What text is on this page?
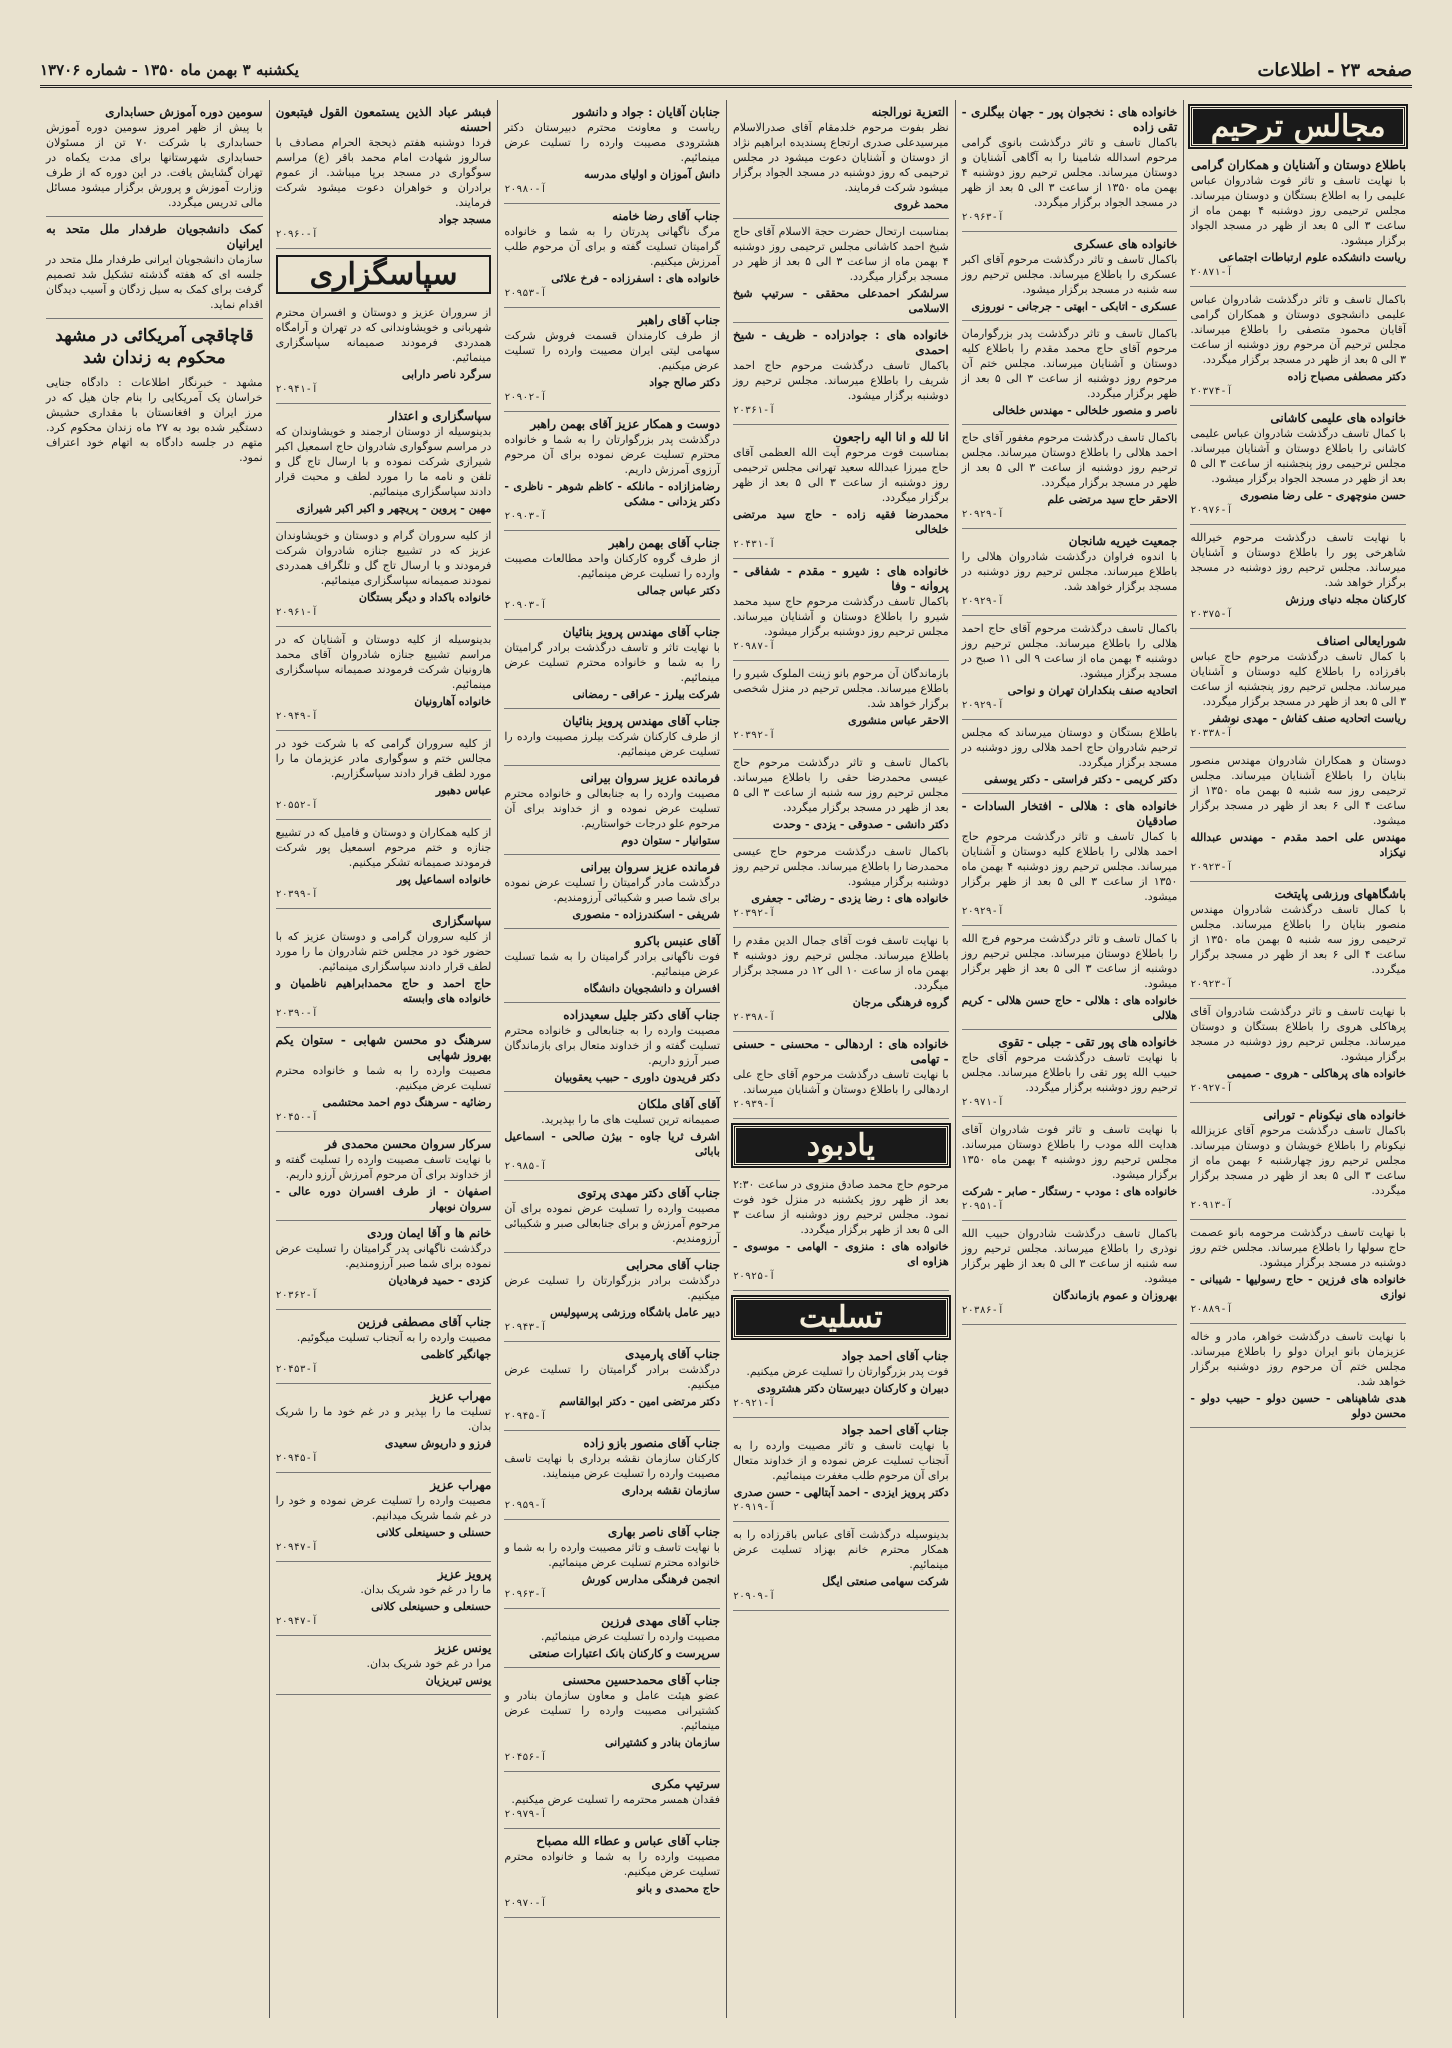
صفحه ۲۳ - اطلاعات
یکشنبه ۳ بهمن ماه ۱۳۵۰ - شماره ۱۳۷۰۶
مجالس ترحیم
باطلاع دوستان و آشنایان و همکاران گرامی
با نهایت تاسف و تاثر فوت شادروان عباس علیمی را به اطلاع بستگان و دوستان میرساند. مجلس ترحیمی روز دوشنبه ۴ بهمن ماه از ساعت ۳ الی ۵ بعد از ظهر در مسجد الجواد برگزار میشود.
ریاست دانشکده علوم ارتباطات اجتماعی
آ-۲۰۸۷۱
باکمال تاسف و تاثر درگذشت شادروان عباس علیمی دانشجوی دوستان و همکاران گرامی آقایان محمود متصفی را باطلاع میرساند. مجلس ترحیم آن مرحوم روز دوشنبه از ساعت ۳ الی ۵ بعد از ظهر در مسجد برگزار میگردد.
دکتر مصطفی مصباح زاده
آ-۲۰۳۷۴
خانواده های علیمی کاشانی
با کمال تاسف درگذشت شادروان عباس علیمی کاشانی را باطلاع دوستان و آشنایان میرساند. مجلس ترحیمی روز پنجشنبه از ساعت ۳ الی ۵ بعد از ظهر در مسجد الجواد برگزار میشود.
حسن منوچهری - علی رضا منصوری
آ-۲۰۹۷۶
با نهایت تاسف درگذشت مرحوم خیرالله شاهرخی پور را باطلاع دوستان و آشنایان میرساند. مجلس ترحیم روز دوشنبه در مسجد برگزار خواهد شد.
کارکنان مجله دنیای ورزش
آ-۲۰۳۷۵
شورایعالی اصناف
با کمال تاسف درگذشت مرحوم حاج عباس بافرزاده را باطلاع کلیه دوستان و آشنایان میرساند. مجلس ترحیم روز پنجشنبه از ساعت ۳ الی ۵ بعد از ظهر در مسجد برگزار میگردد.
ریاست اتحادیه صنف کفاش - مهدی نوشفر
آ-۲۰۳۳۸
دوستان و همکاران شادروان مهندس منصور بنایان را باطلاع آشنایان میرساند. مجلس ترحیمی روز سه شنبه ۵ بهمن ماه ۱۳۵۰ از ساعت ۴ الی ۶ بعد از ظهر در مسجد برگزار میشود.
مهندس علی احمد مقدم - مهندس عبدالله نیکزاد
آ-۲۰۹۲۳
باشگاههای ورزشی پایتخت
با کمال تاسف درگذشت شادروان مهندس منصور بنایان را باطلاع میرساند. مجلس ترحیمی روز سه شنبه ۵ بهمن ماه ۱۳۵۰ از ساعت ۴ الی ۶ بعد از ظهر در مسجد برگزار میگردد.
آ-۲۰۹۲۳
با نهایت تاسف و تاثر درگذشت شادروان آقای پرهاکلی هروی را باطلاع بستگان و دوستان میرساند. مجلس ترحیم روز دوشنبه در مسجد برگزار میشود.
خانواده های پرهاکلی - هروی - صمیمی
آ-۲۰۹۲۷
خانواده های نیکونام - تورانی
باکمال تاسف درگذشت مرحوم آقای عزیزالله نیکونام را باطلاع خویشان و دوستان میرساند. مجلس ترحیم روز چهارشنبه ۶ بهمن ماه از ساعت ۳ الی ۵ بعد از ظهر در مسجد برگزار میگردد.
آ-۲۰۹۱۳
با نهایت تاسف درگذشت مرحومه بانو عصمت حاج سولها را باطلاع میرساند. مجلس ختم روز دوشنبه در مسجد برگزار میشود.
خانواده های فرزین - حاج رسولیها - شیبانی - نوازی
آ-۲۰۸۸۹
با نهایت تاسف درگذشت خواهر، مادر و خاله عزیزمان بانو ایران دولو را باطلاع میرساند. مجلس ختم آن مرحوم روز دوشنبه برگزار خواهد شد.
هدی شاهپناهی - حسین دولو - حبیب دولو - محسن دولو
خانواده های : نخجوان پور - جهان بیگلری - تقی زاده
باکمال تاسف و تاثر درگذشت بانوی گرامی مرحوم اسدالله شامینا را به آگاهی آشنایان و دوستان میرساند. مجلس ترحیم روز دوشنبه ۴ بهمن ماه ۱۳۵۰ از ساعت ۳ الی ۵ بعد از ظهر در مسجد الجواد برگزار میگردد.
آ-۲۰۹۶۳
خانواده های عسکری
باکمال تاسف و تاثر درگذشت مرحوم آقای اکبر عسکری را باطلاع میرساند. مجلس ترحیم روز سه شنبه در مسجد برگزار میشود.
عسکری - اتابکی - ابهتی - جرجانی - نوروزی
باکمال تاسف و تاثر درگذشت پدر بزرگوارمان مرحوم آقای حاج محمد مقدم را باطلاع کلیه دوستان و آشنایان میرساند. مجلس ختم آن مرحوم روز دوشنبه از ساعت ۳ الی ۵ بعد از ظهر برگزار میگردد.
ناصر و منصور خلخالی - مهندس خلخالی
باکمال تاسف درگذشت مرحوم مغفور آقای حاج احمد هلالی را باطلاع دوستان میرساند. مجلس ترحیم روز دوشنبه از ساعت ۳ الی ۵ بعد از ظهر در مسجد برگزار میگردد.
الاحقر حاج سید مرتضی علم
آ-۲۰۹۲۹
جمعیت خیریه شانجان
با اندوه فراوان درگذشت شادروان هلالی را باطلاع میرساند. مجلس ترحیم روز دوشنبه در مسجد برگزار خواهد شد.
آ-۲۰۹۲۹
باکمال تاسف درگذشت مرحوم آقای حاج احمد هلالی را باطلاع میرساند. مجلس ترحیم روز دوشنبه ۴ بهمن ماه از ساعت ۹ الی ۱۱ صبح در مسجد برگزار میشود.
اتحادیه صنف بنکداران تهران و نواحی
آ-۲۰۹۲۹
باطلاع بستگان و دوستان میرساند که مجلس ترحیم شادروان حاج احمد هلالی روز دوشنبه در مسجد برگزار میگردد.
دکتر کریمی - دکتر فراستی - دکتر یوسفی
خانواده های : هلالی - افتخار السادات - صادقیان
با کمال تاسف و تاثر درگذشت مرحوم حاج احمد هلالی را باطلاع کلیه دوستان و آشنایان میرساند. مجلس ترحیم روز دوشنبه ۴ بهمن ماه ۱۳۵۰ از ساعت ۳ الی ۵ بعد از ظهر برگزار میشود.
آ-۲۰۹۲۹
با کمال تاسف و تاثر درگذشت مرحوم فرج الله را باطلاع دوستان میرساند. مجلس ترحیم روز دوشنبه از ساعت ۳ الی ۵ بعد از ظهر برگزار میشود.
خانواده های : هلالی - حاج حسن هلالی - کریم هلالی
خانواده های پور تقی - جبلی - تقوی
با نهایت تاسف درگذشت مرحوم آقای حاج حبیب الله پور تقی را باطلاع میرساند. مجلس ترحیم روز دوشنبه برگزار میگردد.
آ-۲۰۹۷۱
با نهایت تاسف و تاثر فوت شادروان آقای هدایت الله مودب را باطلاع دوستان میرساند. مجلس ترحیم روز دوشنبه ۴ بهمن ماه ۱۳۵۰ برگزار میشود.
خانواده های : مودب - رستگار - صابر - شرکت
آ-۲۰۹۵۱
باکمال تاسف درگذشت شادروان حبیب الله نوذری را باطلاع میرساند. مجلس ترحیم روز سه شنبه از ساعت ۳ الی ۵ بعد از ظهر برگزار میشود.
بهروزان و عموم بازماندگان
آ-۲۰۳۸۶
التعزیة نورالجنه
نظر بفوت مرحوم خلدمقام آقای صدرالاسلام میرسیدعلی صدری ارتجاع پسندیده ابراهیم نژاد از دوستان و آشنایان دعوت میشود در مجلس ترحیمی که روز دوشنبه در مسجد الجواد برگزار میشود شرکت فرمایند.
محمد غروی
بمناسبت ارتحال حضرت حجة الاسلام آقای حاج شیخ احمد کاشانی مجلس ترحیمی روز دوشنبه ۴ بهمن ماه از ساعت ۳ الی ۵ بعد از ظهر در مسجد برگزار میگردد.
سرلشکر احمدعلی محققی - سرتیپ شیخ الاسلامی
خانواده های : جوادزاده - ظریف - شیخ احمدی
باکمال تاسف درگذشت مرحوم حاج احمد شریف را باطلاع میرساند. مجلس ترحیم روز دوشنبه برگزار میشود.
آ-۲۰۳۶۱
انا لله و انا الیه راجعون
بمناسبت فوت مرحوم آیت الله العظمی آقای حاج میرزا عبدالله سعید تهرانی مجلس ترحیمی روز دوشنبه از ساعت ۳ الی ۵ بعد از ظهر برگزار میگردد.
محمدرضا فقیه زاده - حاج سید مرتضی خلخالی
آ-۲۰۴۳۱
خانواده های : شیرو - مقدم - شفاقی - پروانه - وفا
باکمال تاسف درگذشت مرحوم حاج سید محمد شیرو را باطلاع دوستان و آشنایان میرساند. مجلس ترحیم روز دوشنبه برگزار میشود.
آ-۲۰۹۸۷
بازماندگان آن مرحوم بانو زینت الملوک شیرو را باطلاع میرساند. مجلس ترحیم در منزل شخصی برگزار خواهد شد.
الاحقر عباس منشوری
آ-۲۰۳۹۲
باکمال تاسف و تاثر درگذشت مرحوم حاج عیسی محمدرضا حقی را باطلاع میرساند. مجلس ترحیم روز سه شنبه از ساعت ۳ الی ۵ بعد از ظهر در مسجد برگزار میگردد.
دکتر دانشی - صدوقی - یزدی - وحدت
باکمال تاسف درگذشت مرحوم حاج عیسی محمدرضا را باطلاع میرساند. مجلس ترحیم روز دوشنبه برگزار میشود.
خانواده های : رضا یزدی - رضائی - جعفری
آ-۲۰۳۹۲
با نهایت تاسف فوت آقای جمال الدین مقدم را باطلاع میرساند. مجلس ترحیم روز دوشنبه ۴ بهمن ماه از ساعت ۱۰ الی ۱۲ در مسجد برگزار میگردد.
گروه فرهنگی مرجان
آ-۲۰۳۹۸
خانواده های : اردهالی - محسنی - حسنی - تهامی
با نهایت تاسف درگذشت مرحوم آقای حاج علی اردهالی را باطلاع دوستان و آشنایان میرساند.
آ-۲۰۹۳۹
یادبود
مرحوم حاج محمد صادق منزوی در ساعت ۲:۳۰ بعد از ظهر روز یکشنبه در منزل خود فوت نمود. مجلس ترحیم روز دوشنبه از ساعت ۳ الی ۵ بعد از ظهر برگزار میگردد.
خانواده های : منزوی - الهامی - موسوی - هزاوه ای
آ-۲۰۹۲۵
تسلیت
جناب آقای احمد جواد
فوت پدر بزرگوارتان را تسلیت عرض میکنیم.
دبیران و کارکنان دبیرستان دکتر هشترودی
آ-۲۰۹۲۱
جناب آقای احمد جواد
با نهایت تاسف و تاثر مصیبت وارده را به آنجناب تسلیت عرض نموده و از خداوند متعال برای آن مرحوم طلب مغفرت مینمائیم.
دکتر پرویز ایزدی - احمد آبتالهی - حسن صدری
آ-۲۰۹۱۹
بدینوسیله درگذشت آقای عباس باقرزاده را به همکار محترم خانم بهزاد تسلیت عرض مینمائیم.
شرکت سهامی صنعتی ایگل
آ-۲۰۹۰۹
جنابان آقایان : جواد و دانشور
ریاست و معاونت محترم دبیرستان دکتر هشترودی مصیبت وارده را تسلیت عرض مینمائیم.
دانش آموزان و اولیای مدرسه
آ-۲۰۹۸۰
جناب آقای رضا خامنه
مرگ ناگهانی پدرتان را به شما و خانواده گرامیتان تسلیت گفته و برای آن مرحوم طلب آمرزش میکنیم.
خانواده های : اسفرزاده - فرخ علائی
آ-۲۰۹۵۳
جناب آقای راهبر
از طرف کارمندان قسمت فروش شرکت سهامی لیتی ایران مصیبت وارده را تسلیت عرض میکنیم.
دکتر صالح جواد
آ-۲۰۹۰۲
دوست و همکار عزیز آقای بهمن راهبر
درگذشت پدر بزرگوارتان را به شما و خانواده محترم تسلیت عرض نموده برای آن مرحوم آرزوی آمرزش داریم.
رضامزازاده - مانلکه - کاظم شوهر - ناظری - دکتر یزدانی - مشکی
آ-۲۰۹۰۳
جناب آقای بهمن راهبر
از طرف گروه کارکنان واحد مطالعات مصیبت وارده را تسلیت عرض مینمائیم.
دکتر عباس جمالی
آ-۲۰۹۰۳
جناب آقای مهندس پرویز بنائیان
با نهایت تاثر و تاسف درگذشت برادر گرامیتان را به شما و خانواده محترم تسلیت عرض مینمائیم.
شرکت بیلرز - عراقی - رمضانی
جناب آقای مهندس پرویز بنائیان
از طرف کارکنان شرکت بیلرز مصیبت وارده را تسلیت عرض مینمائیم.
فرمانده عزیز سروان بیرانی
مصیبت وارده را به جنابعالی و خانواده محترم تسلیت عرض نموده و از خداوند برای آن مرحوم علو درجات خواستاریم.
ستوانیار - ستوان دوم
فرمانده عزیز سروان بیرانی
درگذشت مادر گرامیتان را تسلیت عرض نموده برای شما صبر و شکیبائی آرزومندیم.
شریفی - اسکندرزاده - منصوری
آقای عنبس باکرو
فوت ناگهانی برادر گرامیتان را به شما تسلیت عرض مینمائیم.
افسران و دانشجویان دانشگاه
جناب آقای دکتر جلیل سعیدزاده
مصیبت وارده را به جنابعالی و خانواده محترم تسلیت گفته و از خداوند متعال برای بازماندگان صبر آرزو داریم.
دکتر فریدون داوری - حبیب یعقوبیان
آقای آقای ملکان
صمیمانه ترین تسلیت های ما را بپذیرید.
اشرف ثریا جاوه - بیژن صالحی - اسماعیل بابائی
آ-۲۰۹۸۵
جناب آقای دکتر مهدی پرتوی
مصیبت وارده را تسلیت عرض نموده برای آن مرحوم آمرزش و برای جنابعالی صبر و شکیبائی آرزومندیم.
جناب آقای محرابی
درگذشت برادر بزرگوارتان را تسلیت عرض میکنیم.
دبیر عامل باشگاه ورزشی پرسپولیس
آ-۲۰۹۴۳
جناب آقای پارمیدی
درگذشت برادر گرامیتان را تسلیت عرض میکنیم.
دکتر مرتضی امین - دکتر ابوالقاسم
آ-۲۰۹۴۵
جناب آقای منصور بازو زاده
کارکنان سازمان نقشه برداری با نهایت تاسف مصیبت وارده را تسلیت عرض مینمایند.
سازمان نقشه برداری
آ-۲۰۹۵۹
جناب آقای ناصر بهاری
با نهایت تاسف و تاثر مصیبت وارده را به شما و خانواده محترم تسلیت عرض مینمائیم.
انجمن فرهنگی مدارس کورش
آ-۲۰۹۶۳
جناب آقای مهدی فرزین
مصیبت وارده را تسلیت عرض مینمائیم.
سرپرست و کارکنان بانک اعتبارات صنعتی
جناب آقای محمدحسین محسنی
عضو هیئت عامل و معاون سازمان بنادر و کشتیرانی مصیبت وارده را تسلیت عرض مینمائیم.
سازمان بنادر و کشتیرانی
آ-۲۰۴۵۶
سرتیپ مکری
فقدان همسر محترمه را تسلیت عرض میکنیم.
آ-۲۰۹۷۹
جناب آقای عباس و عطاء الله مصباح
مصیبت وارده را به شما و خانواده محترم تسلیت عرض میکنیم.
حاج محمدی و بانو
آ-۲۰۹۷۰
فبشر عباد الذین یستمعون القول فیتبعون احسنه
فردا دوشنبه هفتم ذیحجة الحرام مصادف با سالروز شهادت امام محمد باقر (ع) مراسم سوگواری در مسجد برپا میباشد. از عموم برادران و خواهران دعوت میشود شرکت فرمایند.
مسجد جواد
آ-۲۰۹۶۰
سپاسگزاری
از سروران عزیز و دوستان و افسران محترم شهربانی و خویشاوندانی که در تهران و آرامگاه همدردی فرمودند صمیمانه سپاسگزاری مینمائیم.
سرگرد ناصر دارابی
آ-۲۰۹۴۱
سپاسگزاری و اعتذار
بدینوسیله از دوستان ارجمند و خویشاوندان که در مراسم سوگواری شادروان حاج اسمعیل اکبر شیرازی شرکت نموده و با ارسال تاج گل و تلفن و نامه ما را مورد لطف و محبت قرار دادند سپاسگزاری مینمائیم.
مهین - پروین - پریچهر و اکبر اکبر شیرازی
از کلیه سروران گرام و دوستان و خویشاوندان عزیز که در تشییع جنازه شادروان شرکت فرمودند و با ارسال تاج گل و تلگراف همدردی نمودند صمیمانه سپاسگزاری مینمائیم.
خانواده باکداد و دیگر بستگان
آ-۲۰۹۶۱
بدینوسیله از کلیه دوستان و آشنایان که در مراسم تشییع جنازه شادروان آقای محمد هارونیان شرکت فرمودند صمیمانه سپاسگزاری مینمائیم.
خانواده آهارونیان
آ-۲۰۹۴۹
از کلیه سروران گرامی که با شرکت خود در مجالس ختم و سوگواری مادر عزیزمان ما را مورد لطف قرار دادند سپاسگزاریم.
عباس دهبور
آ-۲۰۵۵۲
از کلیه همکاران و دوستان و فامیل که در تشییع جنازه و ختم مرحوم اسمعیل پور شرکت فرمودند صمیمانه تشکر میکنیم.
خانواده اسماعیل پور
آ-۲۰۳۹۹
سپاسگزاری
از کلیه سروران گرامی و دوستان عزیز که با حضور خود در مجلس ختم شادروان ما را مورد لطف قرار دادند سپاسگزاری مینمائیم.
حاج احمد و حاج محمدابراهیم ناظمیان و خانواده های وابسته
آ-۲۰۳۹۰
سرهنگ دو محسن شهابی - ستوان یکم بهروز شهابی
مصیبت وارده را به شما و خانواده محترم تسلیت عرض میکنیم.
رضائیه - سرهنگ دوم احمد محتشمی
آ-۲۰۴۵۰
سرکار سروان محسن محمدی فر
با نهایت تاسف مصیبت وارده را تسلیت گفته و از خداوند برای آن مرحوم آمرزش آرزو داریم.
اصفهان - از طرف افسران دوره عالی - سروان نوبهار
خانم ها و آقا ایمان وردی
درگذشت ناگهانی پدر گرامیتان را تسلیت عرض نموده برای شما صبر آرزومندیم.
کزدی - حمید فرهادیان
آ-۲۰۳۶۲
جناب آقای مصطفی فرزین
مصیبت وارده را به آنجناب تسلیت میگوئیم.
جهانگیر کاظمی
آ-۲۰۴۵۳
مهراب عزیز
تسلیت ما را بپذیر و در غم خود ما را شریک بدان.
فرزو و داریوش سعیدی
آ-۲۰۹۴۵
مهراب عزیز
مصیبت وارده را تسلیت عرض نموده و خود را در غم شما شریک میدانیم.
حسنلی و حسینعلی کلانی
آ-۲۰۹۴۷
پرویز عزیز
ما را در غم خود شریک بدان.
حسنعلی و حسینعلی کلانی
آ-۲۰۹۴۷
یونس عزیز
مرا در غم خود شریک بدان.
یونس تبریزیان
سومین دوره آموزش حسابداری
با پیش از ظهر امروز سومین دوره آموزش حسابداری با شرکت ۷۰ تن از مسئولان حسابداری شهرستانها برای مدت یکماه در تهران گشایش یافت. در این دوره که از طرف وزارت آموزش و پرورش برگزار میشود مسائل مالی تدریس میگردد.
کمک دانشجویان طرفدار ملل متحد به ایرانیان
سازمان دانشجویان ایرانی طرفدار ملل متحد در جلسه ای که هفته گذشته تشکیل شد تصمیم گرفت برای کمک به سیل زدگان و آسیب دیدگان اقدام نماید.
قاچاقچی آمریکائی در مشهد محکوم به زندان شد
مشهد - خبرنگار اطلاعات : دادگاه جنایی خراسان یک آمریکایی را بنام جان هیل که در مرز ایران و افغانستان با مقداری حشیش دستگیر شده بود به ۲۷ ماه زندان محکوم کرد. متهم در جلسه دادگاه به اتهام خود اعتراف نمود.
